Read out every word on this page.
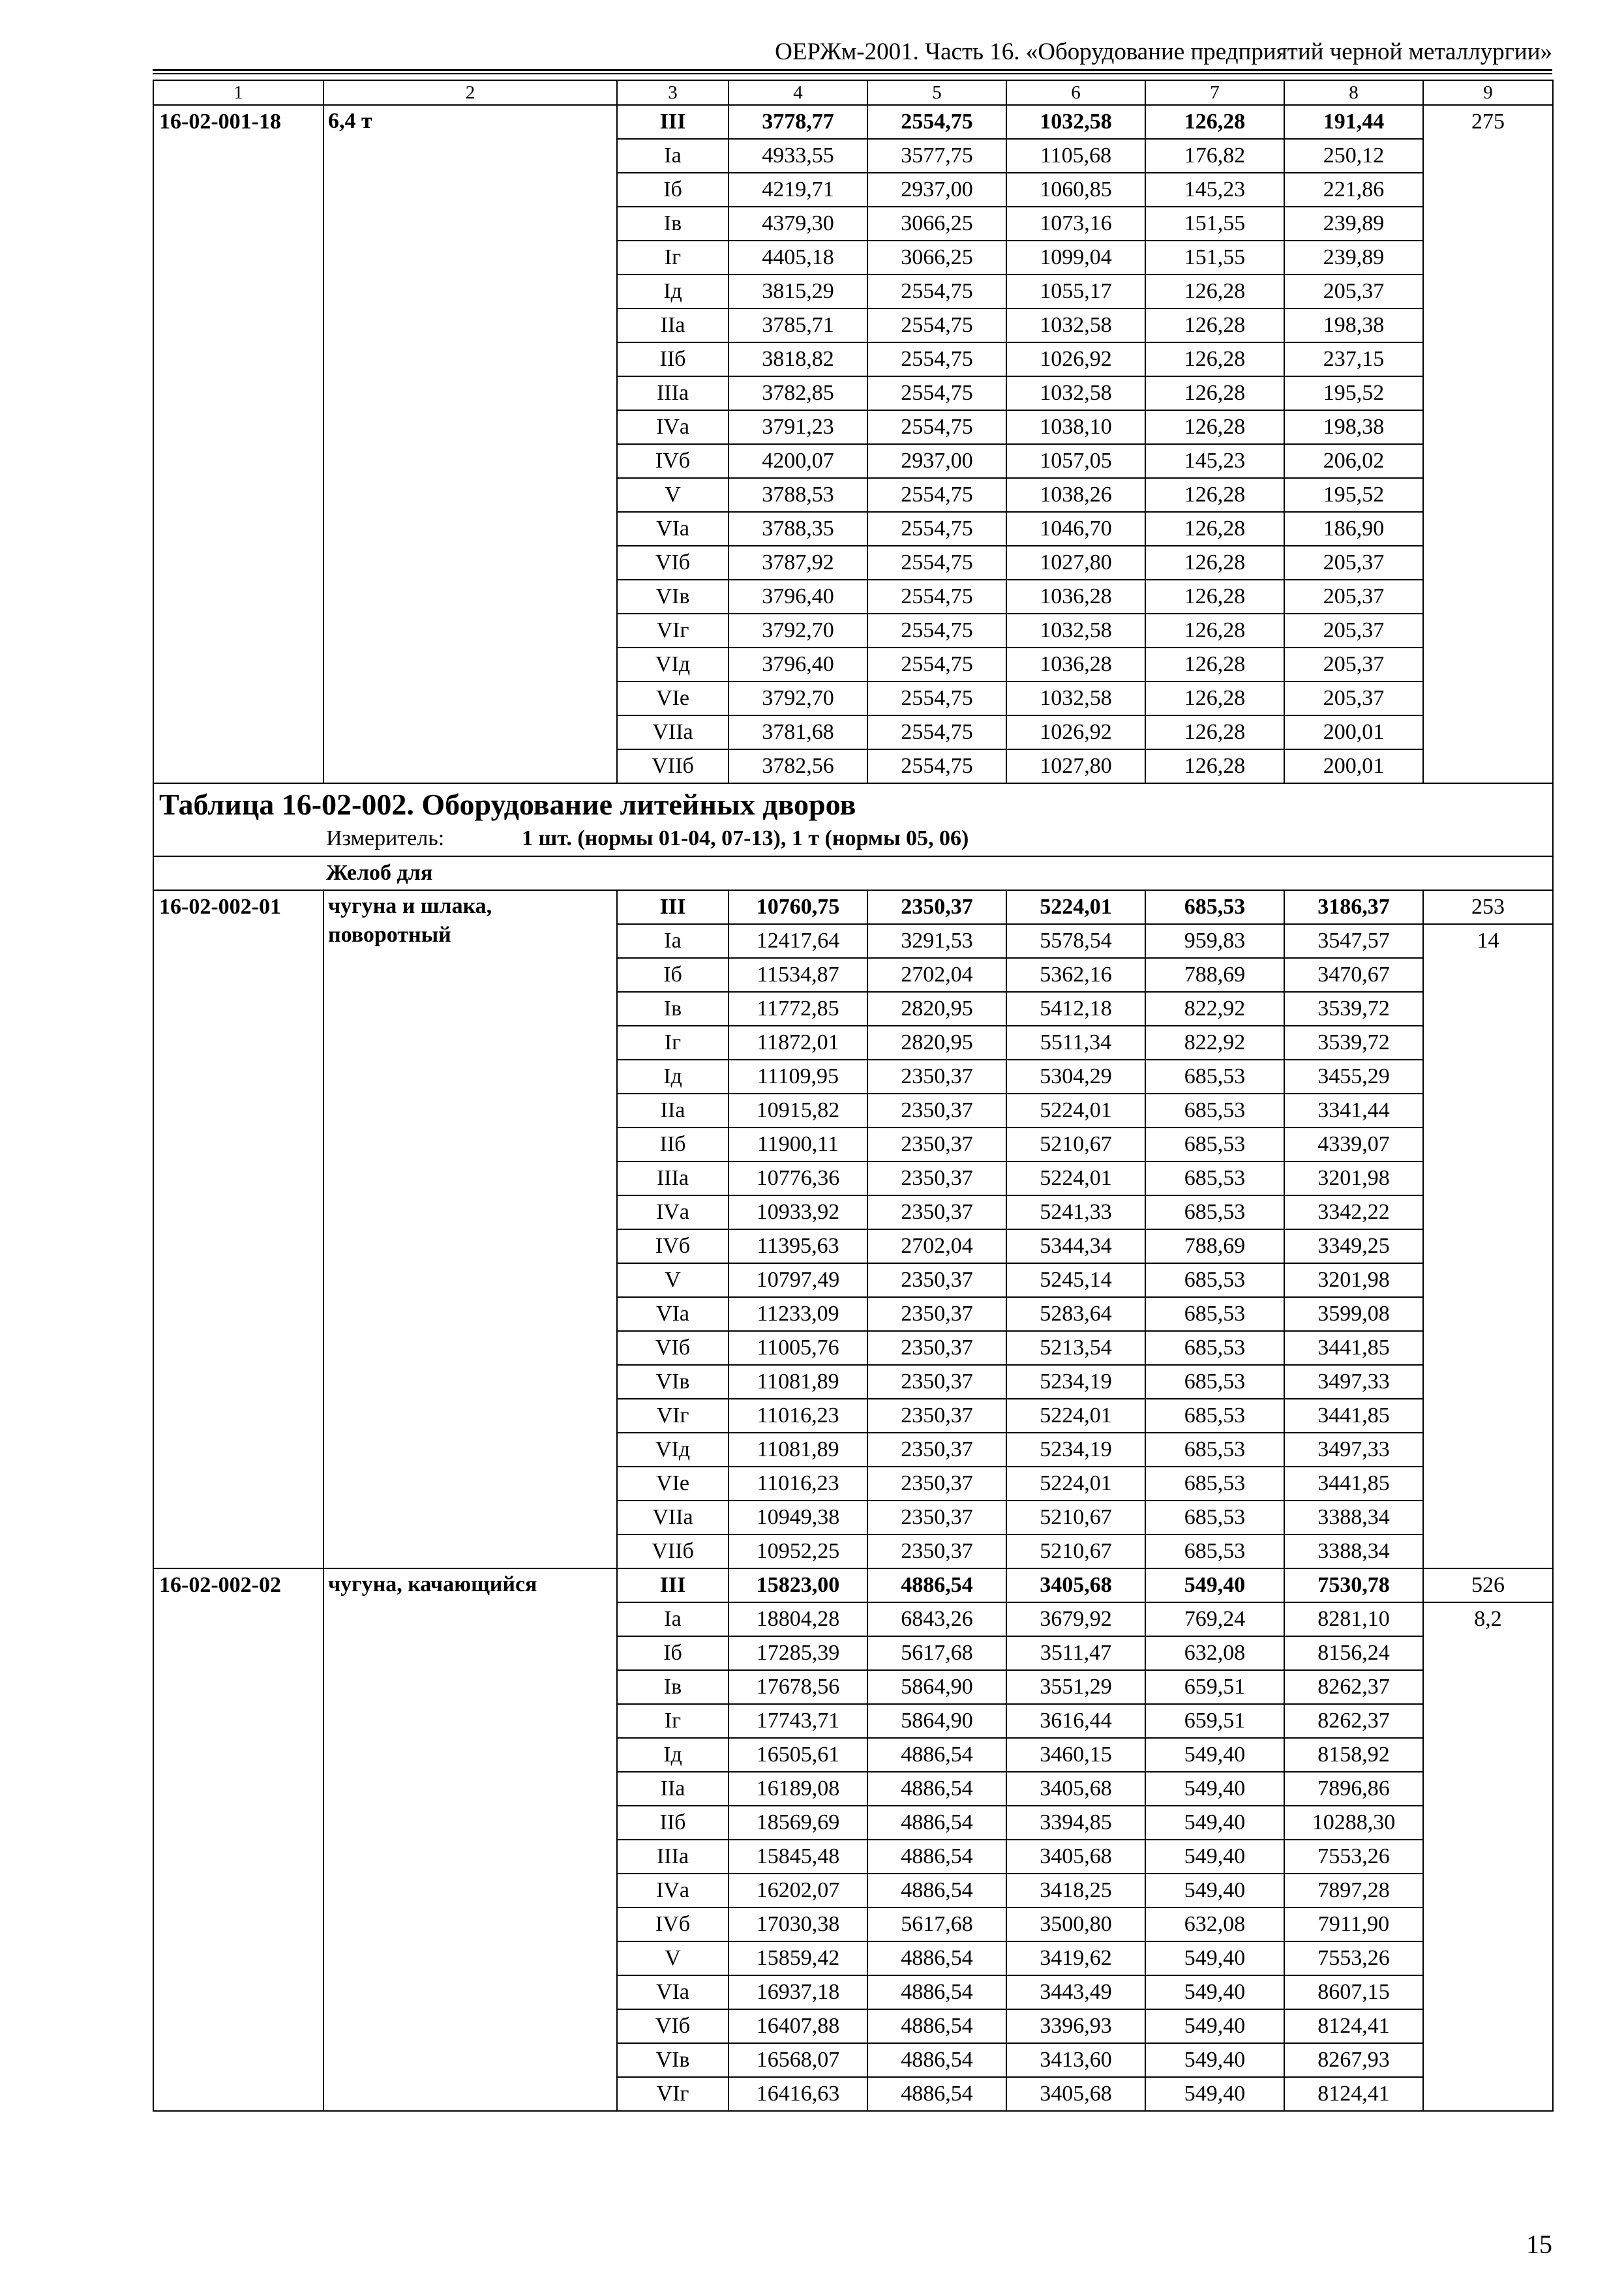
ОЕРЖм-2001. Часть 16. «Оборудование предприятий черной металлургии»
1	2	3	4	5	6	7	8	9
16-02-001-18	6,4 т	III	3778,77	2554,75	1032,58	126,28	191,44	275
		Iа	4933,55	3577,75	1105,68	176,82	250,12	
		Iб	4219,71	2937,00	1060,85	145,23	221,86	
		Iв	4379,30	3066,25	1073,16	151,55	239,89	
		Iг	4405,18	3066,25	1099,04	151,55	239,89	
		Iд	3815,29	2554,75	1055,17	126,28	205,37	
		IIа	3785,71	2554,75	1032,58	126,28	198,38	
		IIб	3818,82	2554,75	1026,92	126,28	237,15	
		IIIа	3782,85	2554,75	1032,58	126,28	195,52	
		IVа	3791,23	2554,75	1038,10	126,28	198,38	
		IVб	4200,07	2937,00	1057,05	145,23	206,02	
		V	3788,53	2554,75	1038,26	126,28	195,52	
		VIа	3788,35	2554,75	1046,70	126,28	186,90	
		VIб	3787,92	2554,75	1027,80	126,28	205,37	
		VIв	3796,40	2554,75	1036,28	126,28	205,37	
		VIг	3792,70	2554,75	1032,58	126,28	205,37	
		VIд	3796,40	2554,75	1036,28	126,28	205,37	
		VIе	3792,70	2554,75	1032,58	126,28	205,37	
		VIIа	3781,68	2554,75	1026,92	126,28	200,01	
		VIIб	3782,56	2554,75	1027,80	126,28	200,01	

Таблица 16-02-002. Оборудование литейных дворов
Измеритель: 1 шт. (нормы 01-04, 07-13), 1 т (нормы 05, 06)								

Желоб для								
16-02-002-01	чугуна и шлака, поворотный	III	10760,75	2350,37	5224,01	685,53	3186,37	253
		Iа	12417,64	3291,53	5578,54	959,83	3547,57	14
		Iб	11534,87	2702,04	5362,16	788,69	3470,67	
		Iв	11772,85	2820,95	5412,18	822,92	3539,72	
		Iг	11872,01	2820,95	5511,34	822,92	3539,72	
		Iд	11109,95	2350,37	5304,29	685,53	3455,29	
		IIа	10915,82	2350,37	5224,01	685,53	3341,44	
		IIб	11900,11	2350,37	5210,67	685,53	4339,07	
		IIIа	10776,36	2350,37	5224,01	685,53	3201,98	
		IVа	10933,92	2350,37	5241,33	685,53	3342,22	
		IVб	11395,63	2702,04	5344,34	788,69	3349,25	
		V	10797,49	2350,37	5245,14	685,53	3201,98	
		VIа	11233,09	2350,37	5283,64	685,53	3599,08	
		VIб	11005,76	2350,37	5213,54	685,53	3441,85	
		VIв	11081,89	2350,37	5234,19	685,53	3497,33	
		VIг	11016,23	2350,37	5224,01	685,53	3441,85	
		VIд	11081,89	2350,37	5234,19	685,53	3497,33	
		VIе	11016,23	2350,37	5224,01	685,53	3441,85	
		VIIа	10949,38	2350,37	5210,67	685,53	3388,34	
		VIIб	10952,25	2350,37	5210,67	685,53	3388,34	
16-02-002-02	чугуна, качающийся	III	15823,00	4886,54	3405,68	549,40	7530,78	526
		Iа	18804,28	6843,26	3679,92	769,24	8281,10	8,2
		Iб	17285,39	5617,68	3511,47	632,08	8156,24	
		Iв	17678,56	5864,90	3551,29	659,51	8262,37	
		Iг	17743,71	5864,90	3616,44	659,51	8262,37	
		Iд	16505,61	4886,54	3460,15	549,40	8158,92	
		IIа	16189,08	4886,54	3405,68	549,40	7896,86	
		IIб	18569,69	4886,54	3394,85	549,40	10288,30	
		IIIа	15845,48	4886,54	3405,68	549,40	7553,26	
		IVа	16202,07	4886,54	3418,25	549,40	7897,28	
		IVб	17030,38	5617,68	3500,80	632,08	7911,90	
		V	15859,42	4886,54	3419,62	549,40	7553,26	
		VIа	16937,18	4886,54	3443,49	549,40	8607,15	
		VIб	16407,88	4886,54	3396,93	549,40	8124,41	
		VIв	16568,07	4886,54	3413,60	549,40	8267,93	
		VIг	16416,63	4886,54	3405,68	549,40	8124,41	
15
